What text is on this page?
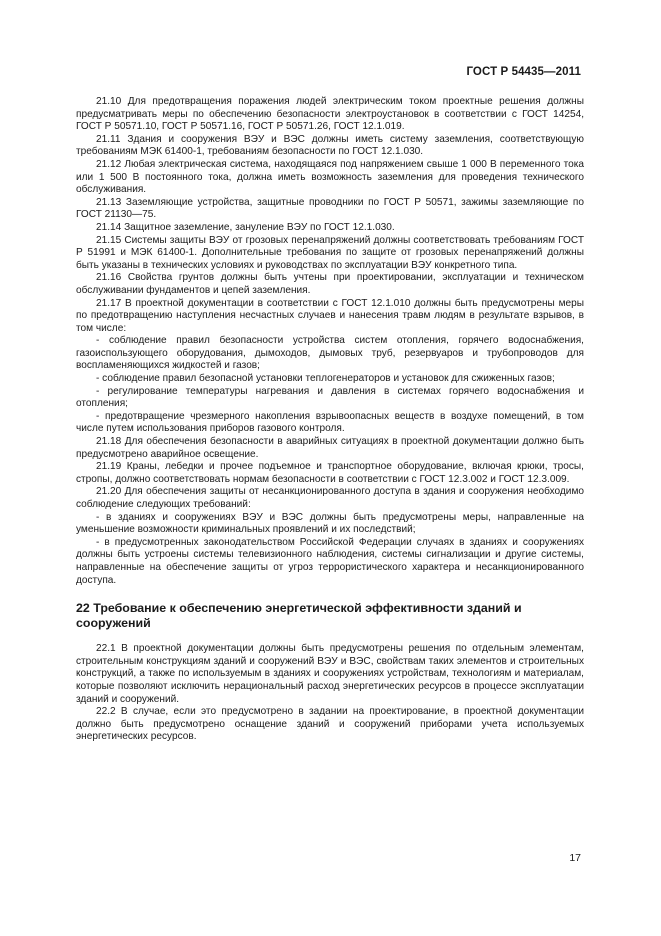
ГОСТ Р 54435—2011

21.10 Для предотвращения поражения людей электрическим током проектные решения должны предусматривать меры по обеспечению безопасности электроустановок в соответствии с ГОСТ 14254, ГОСТ Р 50571.10, ГОСТ Р 50571.16, ГОСТ Р 50571.26, ГОСТ 12.1.019.

21.11 Здания и сооружения ВЭУ и ВЭС должны иметь систему заземления, соответствующую требованиям МЭК 61400-1, требованиям безопасности по ГОСТ 12.1.030.

21.12 Любая электрическая система, находящаяся под напряжением свыше 1 000 В переменного тока или 1 500 В постоянного тока, должна иметь возможность заземления для проведения технического обслуживания.

21.13 Заземляющие устройства, защитные проводники по ГОСТ Р 50571, зажимы заземляющие по ГОСТ 21130—75.

21.14 Защитное заземление, зануление ВЭУ по ГОСТ 12.1.030.

21.15 Системы защиты ВЭУ от грозовых перенапряжений должны соответствовать требованиям ГОСТ Р 51991 и МЭК 61400-1. Дополнительные требования по защите от грозовых перенапряжений должны быть указаны в технических условиях и руководствах по эксплуатации ВЭУ конкретного типа.

21.16 Свойства грунтов должны быть учтены при проектировании, эксплуатации и техническом обслуживании фундаментов и цепей заземления.

21.17 В проектной документации в соответствии с ГОСТ 12.1.010 должны быть предусмотрены меры по предотвращению наступления несчастных случаев и нанесения травм людям в результате взрывов, в том числе:

- соблюдение правил безопасности устройства систем отопления, горячего водоснабжения, газоиспользующего оборудования, дымоходов, дымовых труб, резервуаров и трубопроводов для воспламеняющихся жидкостей и газов;

- соблюдение правил безопасной установки теплогенераторов и установок для сжиженных газов;

- регулирование температуры нагревания и давления в системах горячего водоснабжения и отопления;

- предотвращение чрезмерного накопления взрывоопасных веществ в воздухе помещений, в том числе путем использования приборов газового контроля.

21.18 Для обеспечения безопасности в аварийных ситуациях в проектной документации должно быть предусмотрено аварийное освещение.

21.19 Краны, лебедки и прочее подъемное и транспортное оборудование, включая крюки, тросы, стропы, должно соответствовать нормам безопасности в соответствии с ГОСТ 12.3.002 и ГОСТ 12.3.009.

21.20 Для обеспечения защиты от несанкционированного доступа в здания и сооружения необходимо соблюдение следующих требований:

- в зданиях и сооружениях ВЭУ и ВЭС должны быть предусмотрены меры, направленные на уменьшение возможности криминальных проявлений и их последствий;

- в предусмотренных законодательством Российской Федерации случаях в зданиях и сооружениях должны быть устроены системы телевизионного наблюдения, системы сигнализации и другие системы, направленные на обеспечение защиты от угроз террористического характера и несанкционированного доступа.

22 Требование к обеспечению энергетической эффективности зданий и сооружений

22.1 В проектной документации должны быть предусмотрены решения по отдельным элементам, строительным конструкциям зданий и сооружений ВЭУ и ВЭС, свойствам таких элементов и строительных конструкций, а также по используемым в зданиях и сооружениях устройствам, технологиям и материалам, которые позволяют исключить нерациональный расход энергетических ресурсов в процессе эксплуатации зданий и сооружений.

22.2 В случае, если это предусмотрено в задании на проектирование, в проектной документации должно быть предусмотрено оснащение зданий и сооружений приборами учета используемых энергетических ресурсов.

17
